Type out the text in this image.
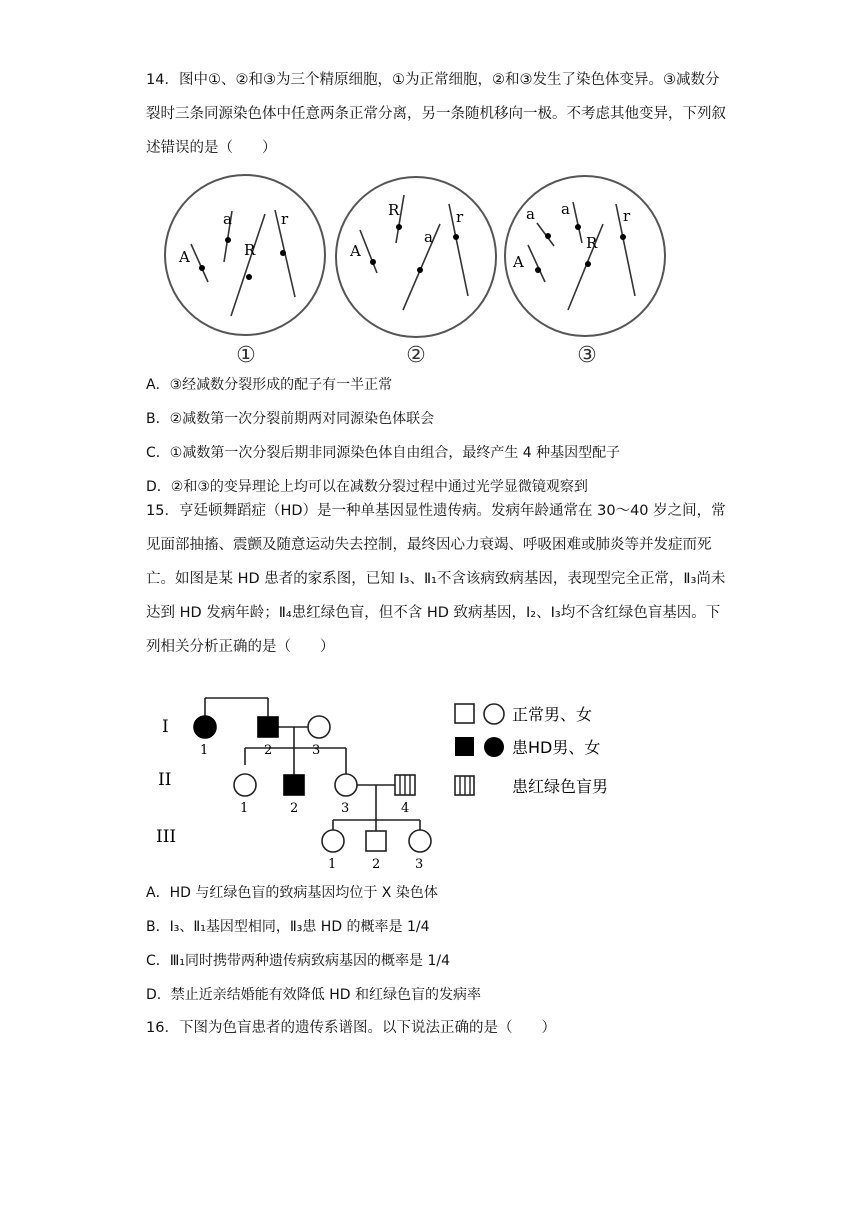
14．图中①、②和③为三个精原细胞，①为正常细胞，②和③发生了染色体变异。③减数分裂时三条同源染色体中任意两条正常分离，另一条随机移向一极。不考虑其他变异，下列叙述错误的是（　　）
a
A	R
r	R
A
a
r	a a
A
R
r
①	②	③
A．③经减数分裂形成的配子有一半正常
B．②减数第一次分裂前期两对同源染色体联会
C．①减数第一次分裂后期非同源染色体自由组合，最终产生 4 种基因型配子
D．②和③的变异理论上均可以在减数分裂过程中通过光学显微镜观察到
15．亨廷顿舞蹈症（HD）是一种单基因显性遗传病。发病年龄通常在 30～40 岁之间，常见面部抽搐、震颤及随意运动失去控制，最终因心力衰竭、呼吸困难或肺炎等并发症而死亡。如图是某 HD 患者的家系图，已知 I₃、Ⅱ₁不含该病致病基因，表现型完全正常，Ⅱ₃尚未达到 HD 发病年龄；Ⅱ₄患红绿色盲，但不含 HD 致病基因，I₂、I₃均不含红绿色盲基因。下列相关分析正确的是（　　）
I
II
III
1	2	3
1	2	3	4
1	2	3
正常男、女
患HD男、女
患红绿色盲男
A．HD 与红绿色盲的致病基因均位于 X 染色体
B．I₃、Ⅱ₁基因型相同，Ⅱ₃患 HD 的概率是 1/4
C．Ⅲ₁同时携带两种遗传病致病基因的概率是 1/4
D．禁止近亲结婚能有效降低 HD 和红绿色盲的发病率
16．下图为色盲患者的遗传系谱图。以下说法正确的是（　　）
